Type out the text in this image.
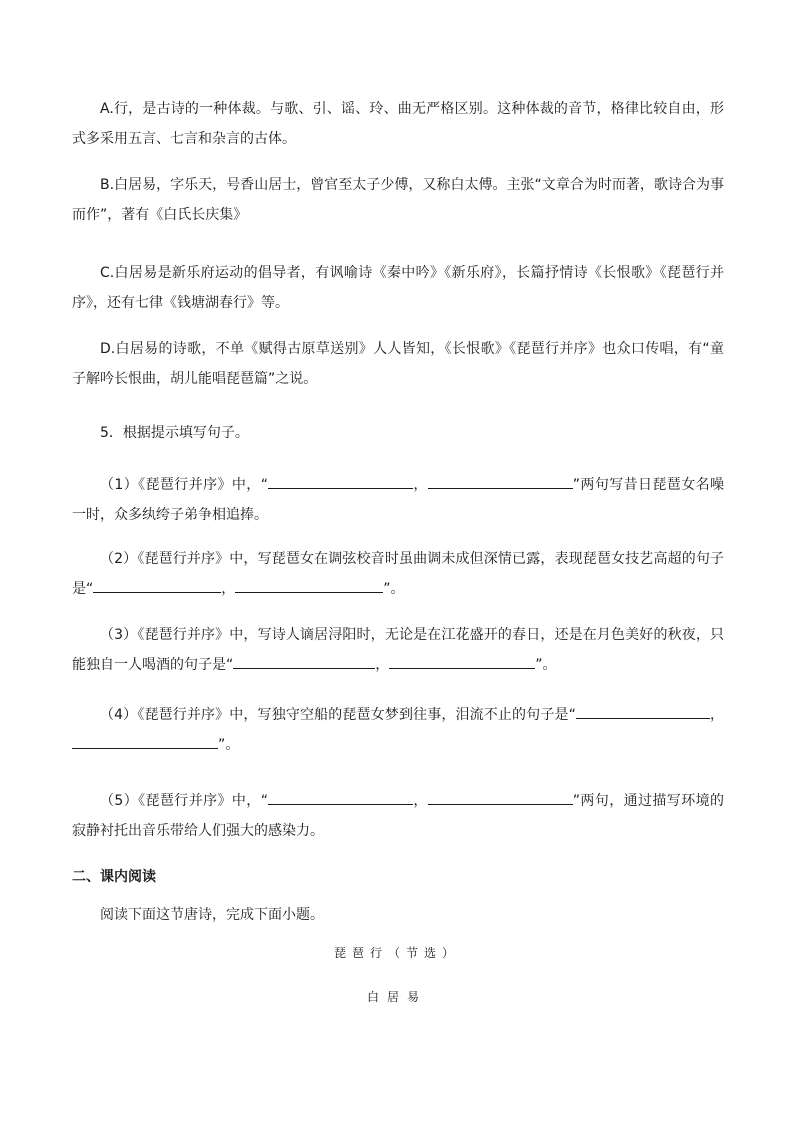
A.行，是古诗的一种体裁。与歌、引、谣、玲、曲无严格区别。这种体裁的音节，格律比较自由，形式多采用五言、七言和杂言的古体。

B.白居易，字乐天，号香山居士，曾官至太子少傅，又称白太傅。主张“文章合为时而著，歌诗合为事而作”，著有《白氏长庆集》

C.白居易是新乐府运动的倡导者，有讽喻诗《秦中吟》《新乐府》，长篇抒情诗《长恨歌》《琵琶行并序》，还有七律《钱塘湖春行》等。

D.白居易的诗歌，不单《赋得古原草送别》人人皆知，《长恨歌》《琵琶行并序》也众口传唱，有“童子解吟长恨曲，胡儿能唱琵琶篇”之说。

5．根据提示填写句子。

（1）《琵琶行并序》中，“	，	”两句写昔日琵琶女名噪一时，众多纨绔子弟争相追捧。

（2）《琵琶行并序》中，写琵琶女在调弦校音时虽曲调未成但深情已露，表现琵琶女技艺高超的句子是“	，	”。

（3）《琵琶行并序》中，写诗人谪居浔阳时，无论是在江花盛开的春日，还是在月色美好的秋夜，只能独自一人喝酒的句子是“	，	”。

（4）《琵琶行并序》中，写独守空船的琵琶女梦到往事，泪流不止的句子是“	，”。

（5）《琵琶行并序》中，“	，	”两句，通过描写环境的寂静衬托出音乐带给人们强大的感染力。

二、课内阅读

阅读下面这节唐诗，完成下面小题。

琵琶行（节选）

白居易
